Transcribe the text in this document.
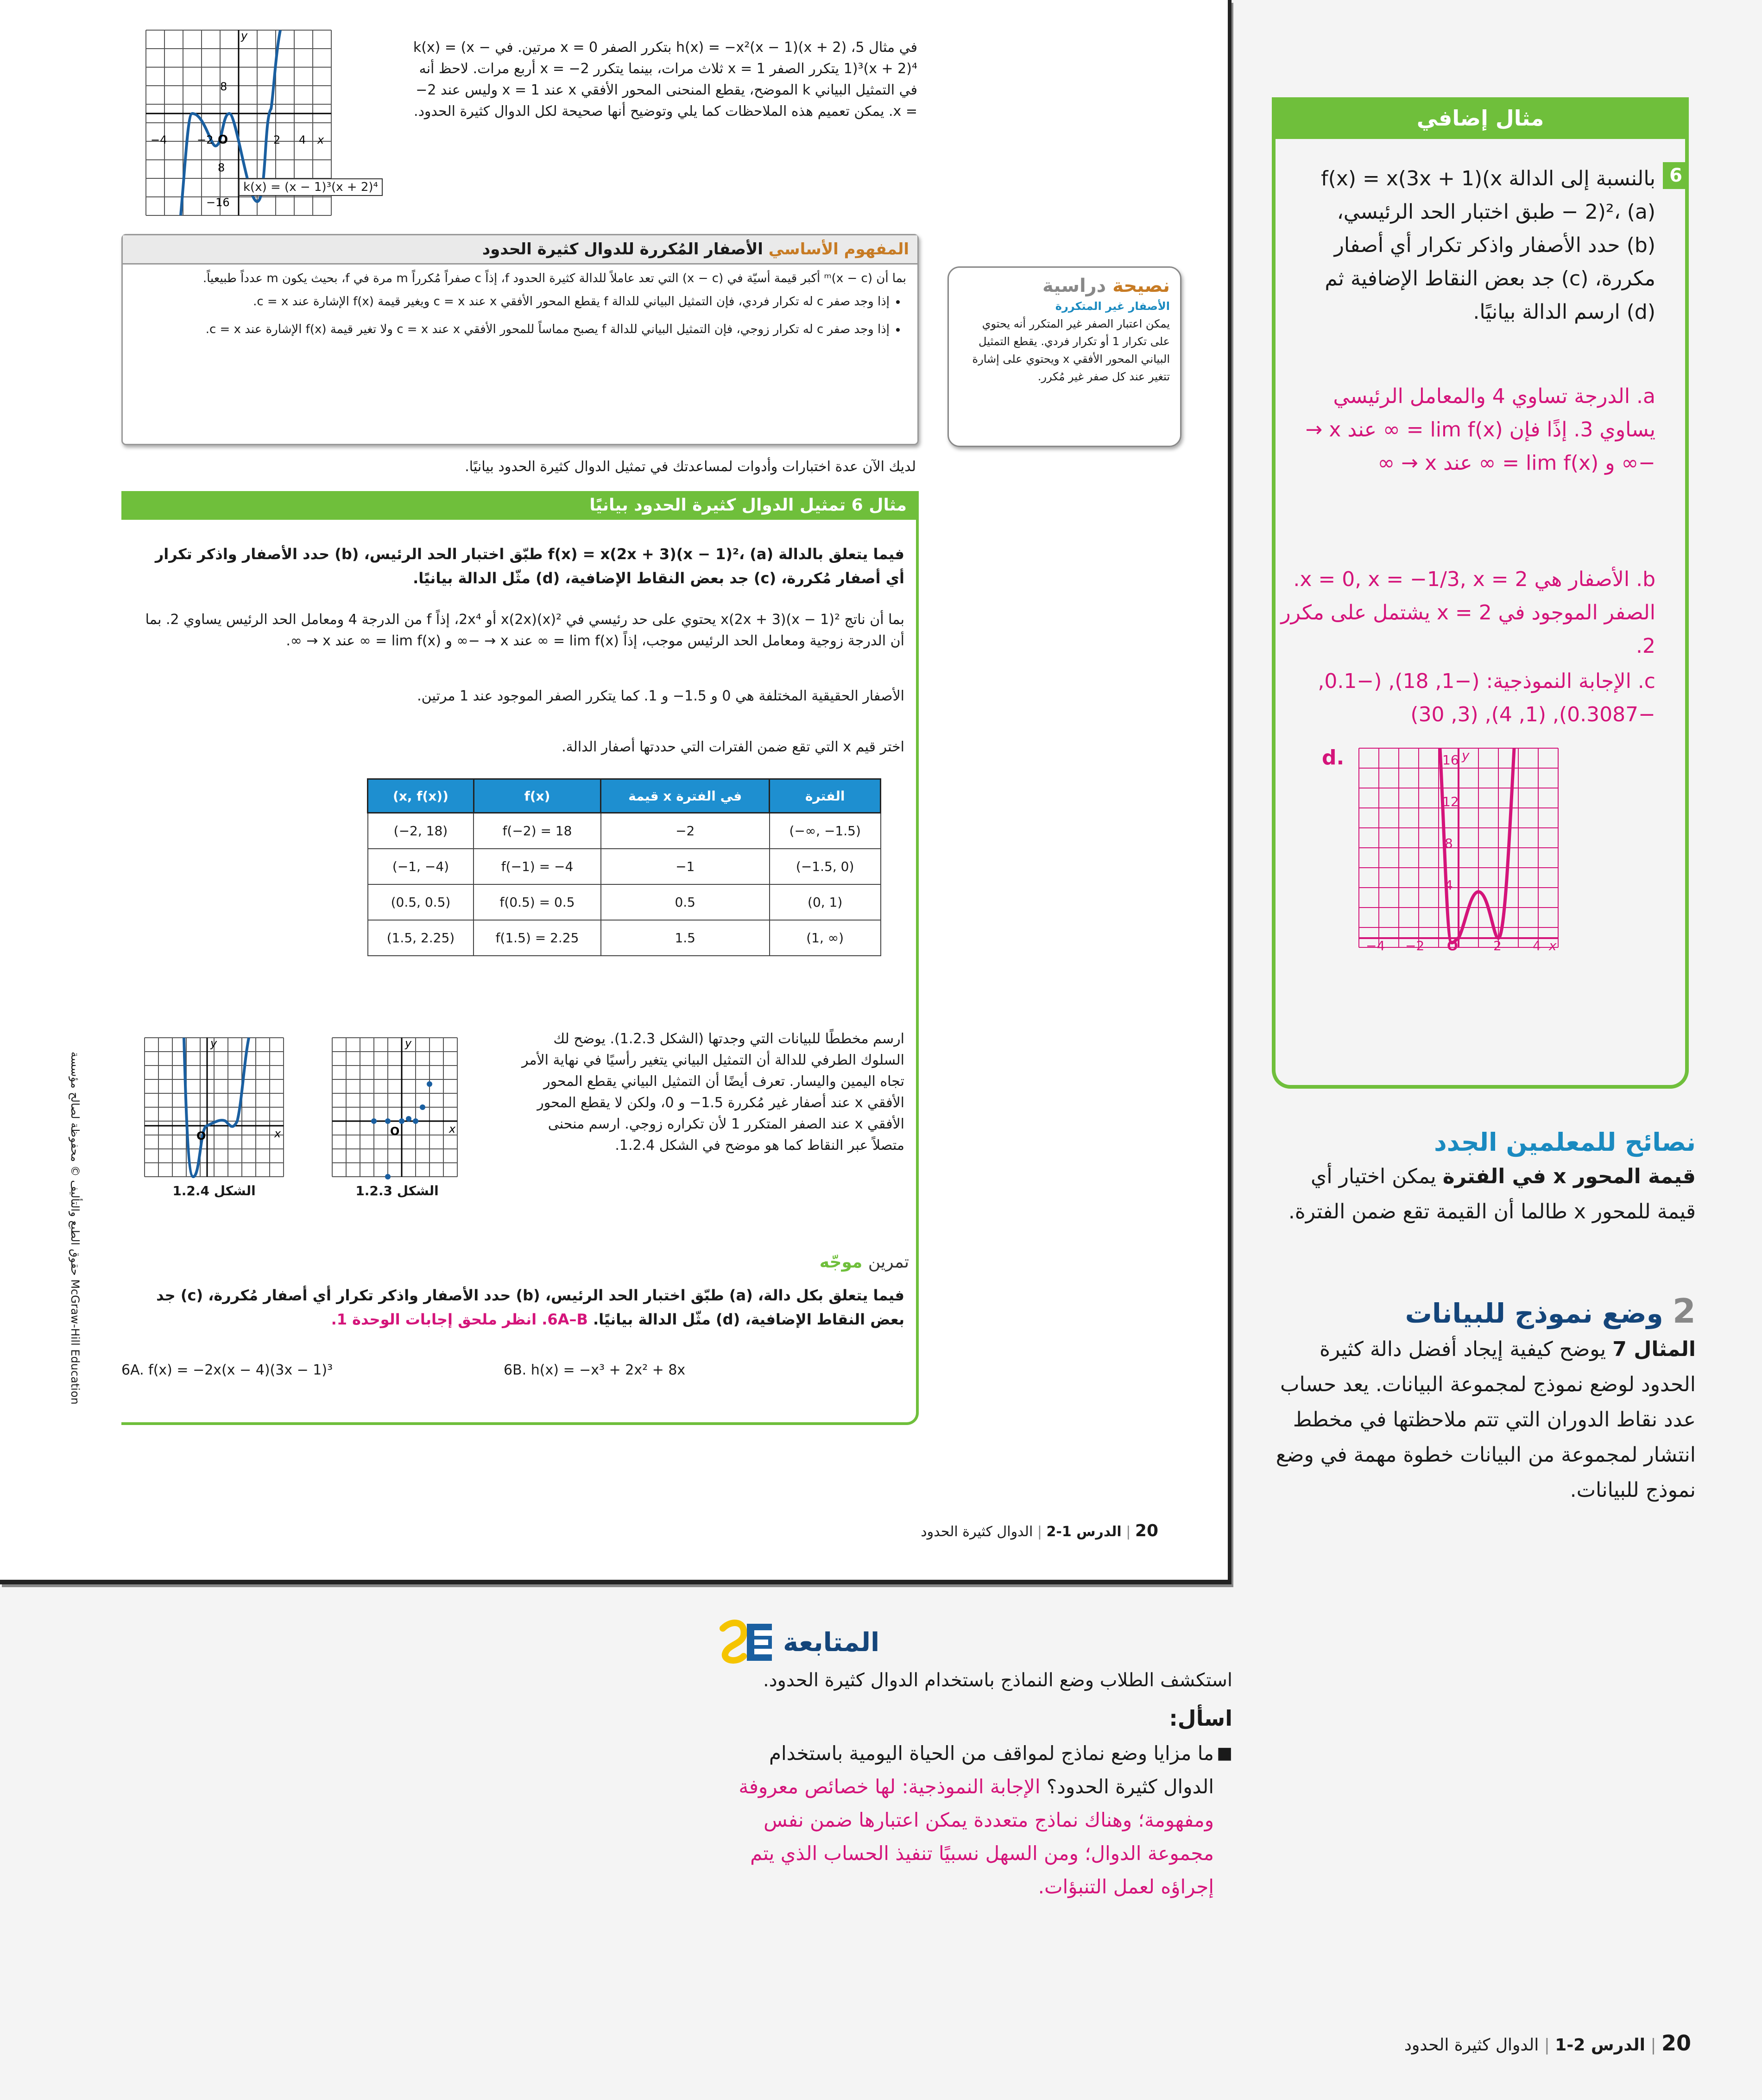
−4	−2 O	2 4 x
y
8
8
−16
k(x) = (x − 1)³(x + 2)⁴
في مثال 5، h(x) = −x²(x − 1)(x + 2) بتكرر الصفر 0 = x مرتين. في k(x) = (x − 1)³(x + 2)⁴ يتكرر الصفر 1 = x ثلاث مرات، بينما يتكرر 2− = x أربع مرات. لاحظ أنه في التمثيل البياني k الموضح، يقطع المنحنى المحور الأفقي x عند 1 = x وليس عند 2− = x. يمكن تعميم هذه الملاحظات كما يلي وتوضيح أنها صحيحة لكل الدوال كثيرة الحدود.
المفهوم الأساسي الأصفار المُكررة للدوال كثيرة الحدود
بما أن (x − c)ᵐ أكبر قيمة أسيّة في (x − c) التي تعد عاملاً للدالة كثيرة الحدود f، إذاً c صفراً مُكرراً m مرة في f، بحيث يكون m عدداً طبيعياً.
• إذا وجد صفر c له تكرار فردي، فإن التمثيل البياني للدالة f يقطع المحور الأفقي x عند c = x ويغير قيمة f(x) الإشارة عند c = x.
• إذا وجد صفر c له تكرار زوجي، فإن التمثيل البياني للدالة f يصبح مماساً للمحور الأفقي x عند c = x ولا تغير قيمة f(x) الإشارة عند c = x.
نصيحة دراسية
الأصفار غير المتكررة
يمكن اعتبار الصفر غير المتكرر أنه يحتوي على تكرار 1 أو تكرار فردي. يقطع التمثيل البياني المحور الأفقي x ويحتوي على إشارة تتغير عند كل صفر غير مُكرر.
لديك الآن عدة اختبارات وأدوات لمساعدتك في تمثيل الدوال كثيرة الحدود بيانيًا.
مثال 6 تمثيل الدوال كثيرة الحدود بيانيًا
فيما يتعلق بالدالة f(x) = x(2x + 3)(x − 1)²، (a) طبّق اختبار الحد الرئيس، (b) حدد الأصفار واذكر تكرار أي أصفار مُكررة، (c) جد بعض النقاط الإضافية، (d) مثّل الدالة بيانيًا.
بما أن ناتج x(2x + 3)(x − 1)² يحتوي على حد رئيسي في x(2x)(x)² أو 2x⁴، إذاً f من الدرجة 4 ومعامل الحد الرئيس يساوي 2. بما أن الدرجة زوجية ومعامل الحد الرئيس موجب، إذاً lim f(x) = ∞ عند x → −∞ و lim f(x) = ∞ عند x → ∞.
الأصفار الحقيقية المختلفة هي 0 و 1.5− و 1. كما يتكرر الصفر الموجود عند 1 مرتين.
اختر قيم x التي تقع ضمن الفترات التي حددتها أصفار الدالة.
(x, f(x))	f(x)	قيمة x في الفترة	الفترة
(−2, 18)	f(−2) = 18	−2	(−∞, −1.5)
(−1, −4)	f(−1) = −4	−1	(−1.5, 0)
(0.5, 0.5)	f(0.5) = 0.5	0.5	(0, 1)
(1.5, 2.25)	f(1.5) = 2.25	1.5	(1, ∞)
O	x
y
الشكل 1.2.4
O	x
y
الشكل 1.2.3
ارسم مخططًا للبيانات التي وجدتها (الشكل 1.2.3). يوضح لك السلوك الطرفي للدالة أن التمثيل البياني يتغير رأسيًا في نهاية الأمر تجاه اليمين واليسار. تعرف أيضًا أن التمثيل البياني يقطع المحور الأفقي x عند أصفار غير مُكررة 1.5− و 0، ولكن لا يقطع المحور الأفقي x عند الصفر المتكرر 1 لأن تكراره زوجي. ارسم منحنى متصلاً عبر النقاط كما هو موضح في الشكل 1.2.4.
تمرين موجّه
فيما يتعلق بكل دالة، (a) طبّق اختبار الحد الرئيس، (b) حدد الأصفار واذكر تكرار أي أصفار مُكررة، (c) جد بعض النقاط الإضافية، (d) مثّل الدالة بيانيًا. 6A–B. انظر ملحق إجابات الوحدة 1.
6A. f(x) = −2x(x − 4)(3x − 1)³	6B. h(x) = −x³ + 2x² + 8x
McGraw-Hill Education حقوق الطبع والتأليف © محفوظة لصالح مؤسسة
20 | الدرس 1-2 | الدوال كثيرة الحدود
مثال إضافي
6
بالنسبة إلى الدالة f(x) = x(3x + 1)(x − 2)²، (a) طبق اختبار الحد الرئيسي، (b) حدد الأصفار واذكر تكرار أي أصفار مكررة، (c) جد بعض النقاط الإضافية ثم (d) ارسم الدالة بيانيًا.
a. الدرجة تساوي 4 والمعامل الرئيسي يساوي 3. إذًا فإن lim f(x) = ∞ عند x → −∞ و lim f(x) = ∞ عند x → ∞
b. الأصفار هي x = 0, x = −1/3, x = 2. الصفر الموجود في x = 2 يشتمل على مكرر 2.
c. الإجابة النموذجية: (−1, 18), (−0.1, −0.3087), (1, 4), (3, 30)
d.
−4 −2 O	2 4 x
y
16
12
8
4
نصائح للمعلمين الجدد
قيمة المحور x في الفترة يمكن اختيار أي قيمة للمحور x طالما أن القيمة تقع ضمن الفترة.
2 وضع نموذج للبيانات
المثال 7 يوضح كيفية إيجاد أفضل دالة كثيرة الحدود لوضع نموذج لمجموعة البيانات. يعد حساب عدد نقاط الدوران التي تتم ملاحظتها في مخطط انتشار لمجموعة من البيانات خطوة مهمة في وضع نموذج للبيانات.
المتابعة
استكشف الطلاب وضع النماذج باستخدام الدوال كثيرة الحدود.
اسأل:
■
ما مزايا وضع نماذج لمواقف من الحياة اليومية باستخدام الدوال كثيرة الحدود؟ الإجابة النموذجية: لها خصائص معروفة ومفهومة؛ وهناك نماذج متعددة يمكن اعتبارها ضمن نفس مجموعة الدوال؛ ومن السهل نسبيًا تنفيذ الحساب الذي يتم إجراؤه لعمل التنبؤات.
20 | الدرس 2-1 | الدوال كثيرة الحدود
